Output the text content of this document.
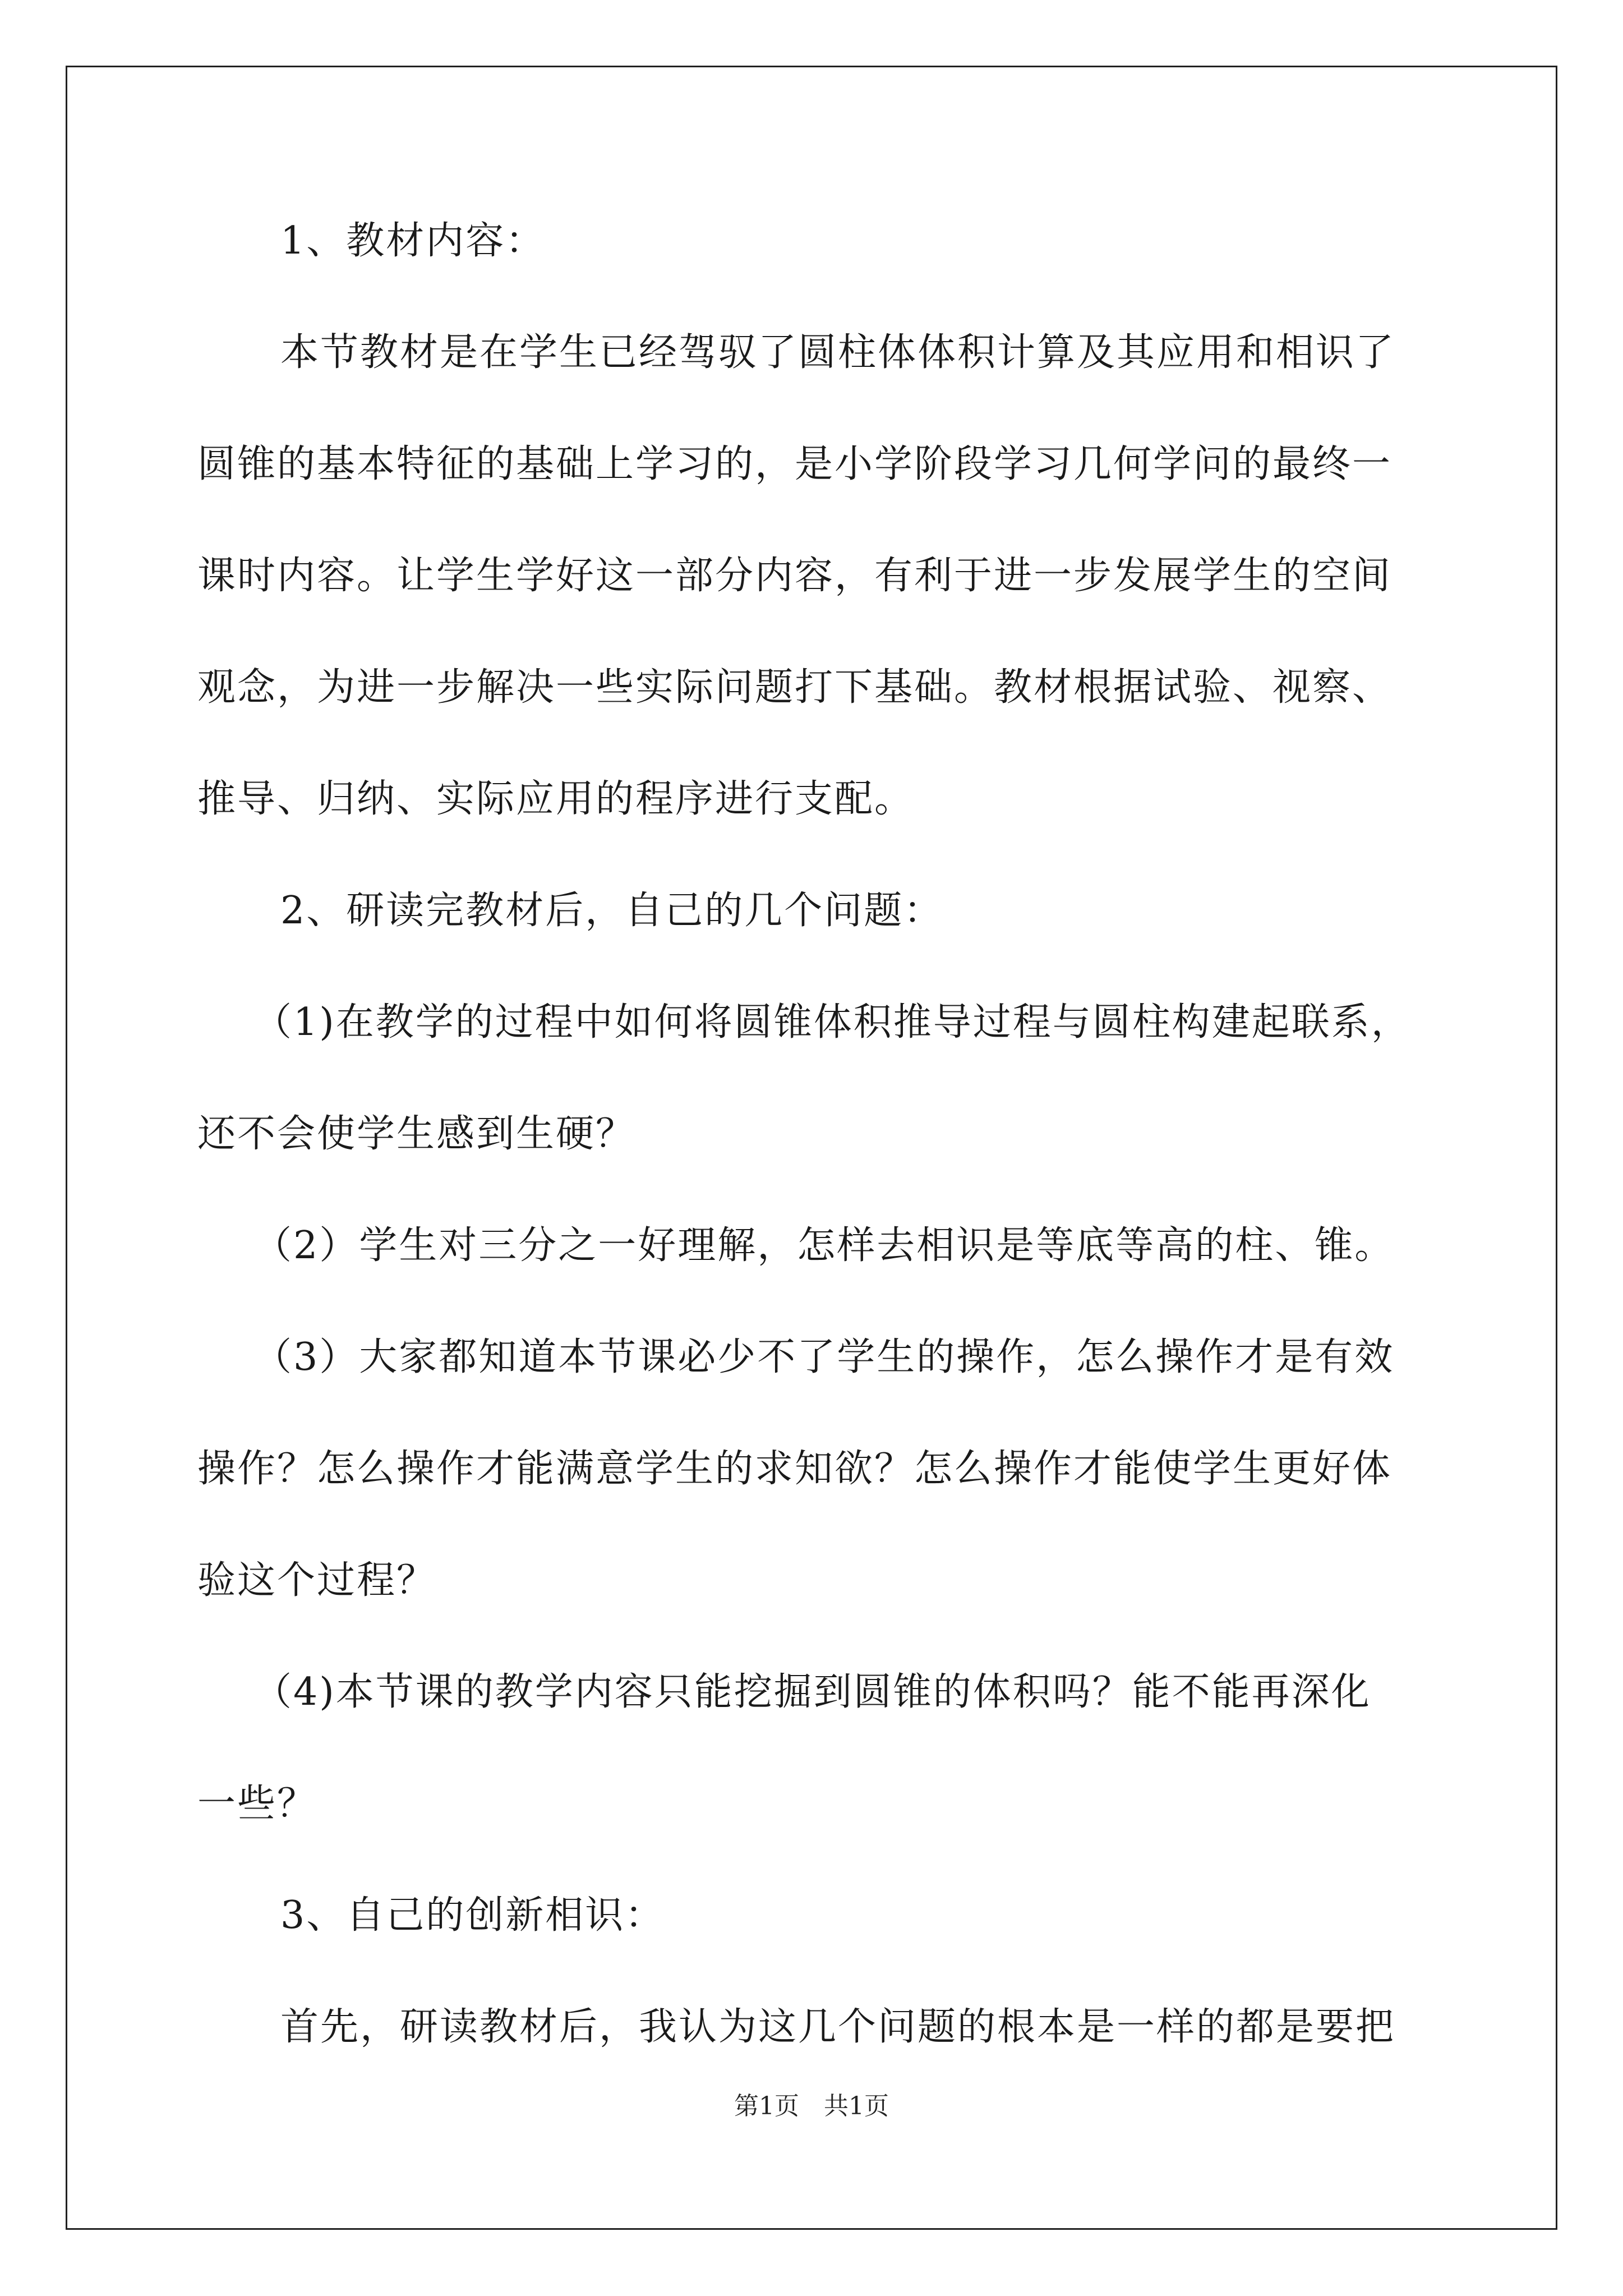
1、教材内容：
本节教材是在学生已经驾驭了圆柱体体积计算及其应用和相识了
圆锥的基本特征的基础上学习的，是小学阶段学习几何学问的最终一
课时内容。让学生学好这一部分内容，有利于进一步发展学生的空间
观念，为进一步解决一些实际问题打下基础。教材根据试验、视察、
推导、归纳、实际应用的程序进行支配。
2、研读完教材后，自己的几个问题：
（1)在教学的过程中如何将圆锥体积推导过程与圆柱构建起联系，
还不会使学生感到生硬？
（2）学生对三分之一好理解，怎样去相识是等底等高的柱、锥。
（3）大家都知道本节课必少不了学生的操作，怎么操作才是有效
操作？怎么操作才能满意学生的求知欲？怎么操作才能使学生更好体
验这个过程？
（4)本节课的教学内容只能挖掘到圆锥的体积吗？能不能再深化
一些？
3、自己的创新相识：
首先，研读教材后，我认为这几个问题的根本是一样的都是要把
第1页　共1页
